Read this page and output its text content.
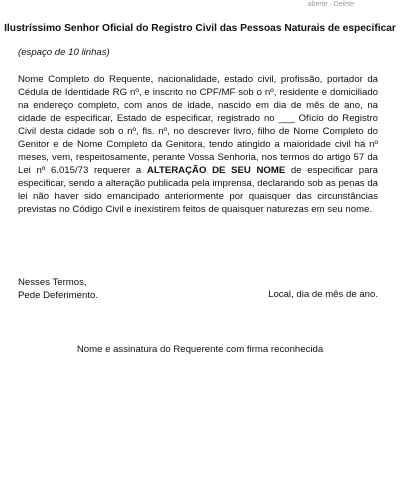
aberte · Delete
Ilustríssimo Senhor Oficial do Registro Civil das Pessoas Naturais de especificar
(espaço de 10 linhas)
Nome Completo do Requente, nacionalidade, estado civil, profissão, portador da Cédula de Identidade RG nº, e inscrito no CPF/MF sob o nº, residente e domiciliado na endereço completo, com anos de idade, nascido em dia de mês de ano, na cidade de especificar, Estado de especificar, registrado no ___ Ofício do Registro Civil desta cidade sob o nº, fls. nº, no descrever livro, filho de Nome Completo do Genitor e de Nome Completo da Genitora, tendo atingido a maioridade civil há nº meses, vem, respeitosamente, perante Vossa Senhoria, nos termos do artigo 57 da Lei nº 6.015/73 requerer a ALTERAÇÃO DE SEU NOME de especificar para especificar, sendo a alteração publicada pela imprensa, declarando sob as penas da lei não haver sido emancipado anteriormente por quaisquer das circunstâncias previstas no Código Civil e inexistirem feitos de quaisquer naturezas em seu nome.
Nesses Termos,
Pede Deferimento.	Local, dia de mês de ano.
Nome e assinatura do Requerente com firma reconhecida
